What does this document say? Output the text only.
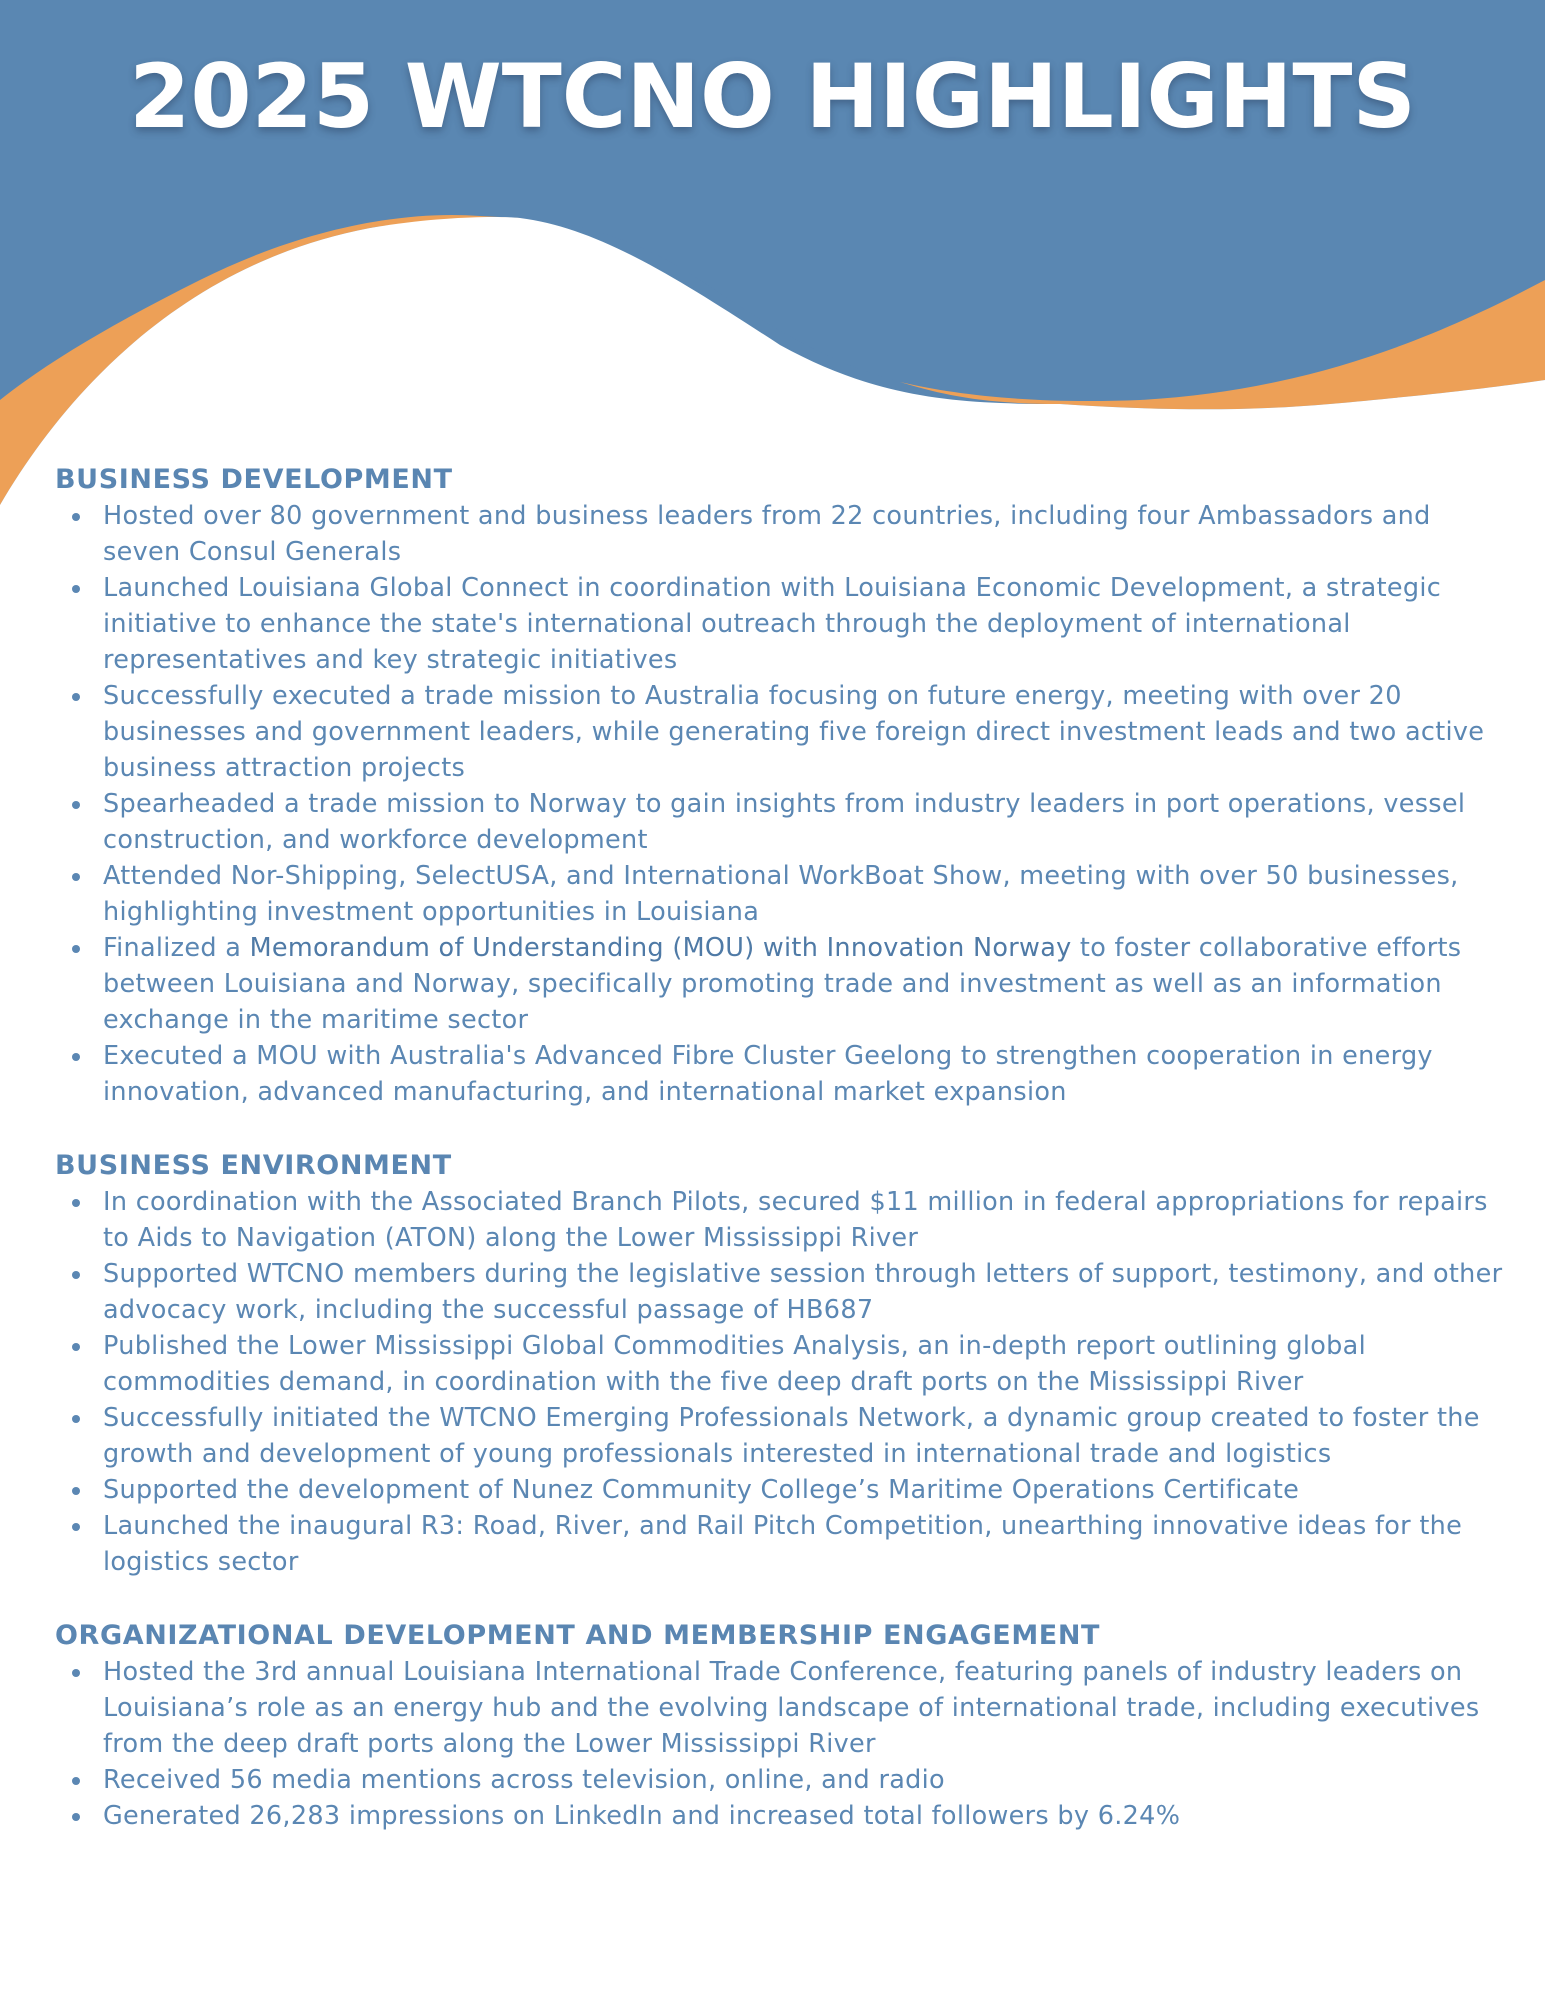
2025 WTCNO HIGHLIGHTS
BUSINESS DEVELOPMENT
Hosted over 80 government and business leaders from 22 countries, including four Ambassadors and seven Consul Generals
Launched Louisiana Global Connect in coordination with Louisiana Economic Development, a strategic initiative to enhance the state's international outreach through the deployment of international representatives and key strategic initiatives
Successfully executed a trade mission to Australia focusing on future energy, meeting with over 20 businesses and government leaders, while generating five foreign direct investment leads and two active business attraction projects
Spearheaded a trade mission to Norway to gain insights from industry leaders in port operations, vessel construction, and workforce development
Attended Nor-Shipping, SelectUSA, and International WorkBoat Show, meeting with over 50 businesses, highlighting investment opportunities in Louisiana
Finalized a Memorandum of Understanding (MOU) with Innovation Norway to foster collaborative efforts between Louisiana and Norway, specifically promoting trade and investment as well as an information exchange in the maritime sector
Executed a MOU with Australia's Advanced Fibre Cluster Geelong to strengthen cooperation in energy innovation, advanced manufacturing, and international market expansion
BUSINESS ENVIRONMENT
In coordination with the Associated Branch Pilots, secured $11 million in federal appropriations for repairs to Aids to Navigation (ATON) along the Lower Mississippi River
Supported WTCNO members during the legislative session through letters of support, testimony, and other advocacy work, including the successful passage of HB687
Published the Lower Mississippi Global Commodities Analysis, an in-depth report outlining global commodities demand, in coordination with the five deep draft ports on the Mississippi River
Successfully initiated the WTCNO Emerging Professionals Network, a dynamic group created to foster the growth and development of young professionals interested in international trade and logistics
Supported the development of Nunez Community College’s Maritime Operations Certificate
Launched the inaugural R3: Road, River, and Rail Pitch Competition, unearthing innovative ideas for the logistics sector
ORGANIZATIONAL DEVELOPMENT AND MEMBERSHIP ENGAGEMENT
Hosted the 3rd annual Louisiana International Trade Conference, featuring panels of industry leaders on Louisiana’s role as an energy hub and the evolving landscape of international trade, including executives from the deep draft ports along the Lower Mississippi River
Received 56 media mentions across television, online, and radio
Generated 26,283 impressions on LinkedIn and increased total followers by 6.24%
